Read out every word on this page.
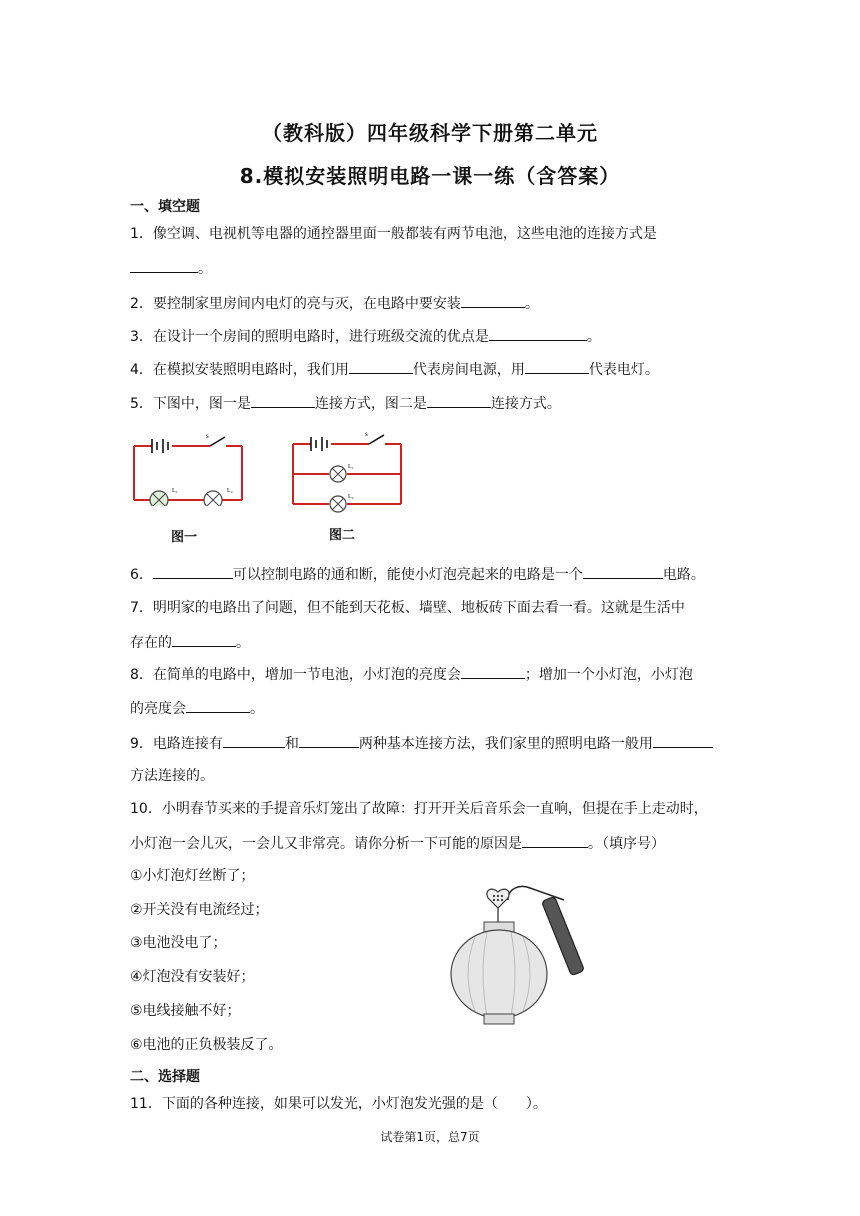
（教科版）四年级科学下册第二单元
8.模拟安装照明电路一课一练（含答案）
一、填空题
1．像空调、电视机等电器的通控器里面一般都装有两节电池，这些电池的连接方式是
。
2．要控制家里房间内电灯的亮与灭，在电路中要安装	。
3．在设计一个房间的照明电路时，进行班级交流的优点是	。
4．在模拟安装照明电路时，我们用	代表房间电源，用	代表电灯。
5．下图中，图一是	连接方式，图二是	连接方式。
s
L₁	L₂
图一
s
L₁
L₂
图二
6．	可以控制电路的通和断，能使小灯泡亮起来的电路是一个	电路。
7．明明家的电路出了问题，但不能到天花板、墙壁、地板砖下面去看一看。这就是生活中
存在的	。
8．在简单的电路中，增加一节电池，小灯泡的亮度会	；增加一个小灯泡，小灯泡
的亮度会	。
9．电路连接有	和	两种基本连接方法，我们家里的照明电路一般用
方法连接的。
10．小明春节买来的手提音乐灯笼出了故障：打开开关后音乐会一直响，但提在手上走动时，
小灯泡一会儿灭，一会儿又非常亮。请你分析一下可能的原因是	。（填序号）
①小灯泡灯丝断了；
②开关没有电流经过；
③电池没电了；
④灯泡没有安装好；
⑤电线接触不好；
⑥电池的正负极装反了。
二、选择题
11．下面的各种连接，如果可以发光，小灯泡发光强的是（　　）。
试卷第1页，总7页
